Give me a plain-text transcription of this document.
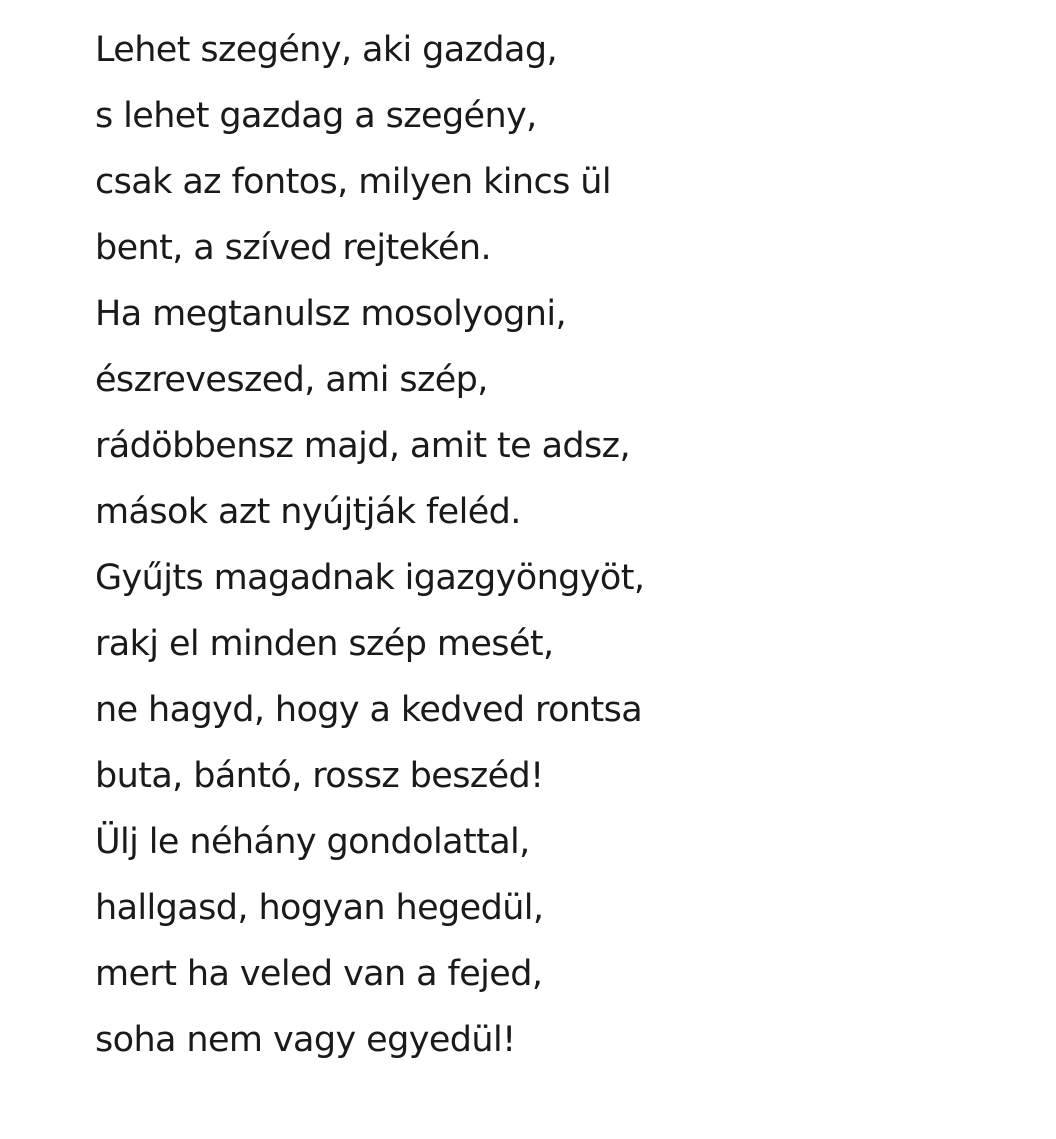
Lehet szegény, aki gazdag,
s lehet gazdag a szegény,
csak az fontos, milyen kincs ül
bent, a szíved rejtekén.
Ha megtanulsz mosolyogni,
észreveszed, ami szép,
rádöbbensz majd, amit te adsz,
mások azt nyújtják feléd.
Gyűjts magadnak igazgyöngyöt,
rakj el minden szép mesét,
ne hagyd, hogy a kedved rontsa
buta, bántó, rossz beszéd!
Ülj le néhány gondolattal,
hallgasd, hogyan hegedül,
mert ha veled van a fejed,
soha nem vagy egyedül!
